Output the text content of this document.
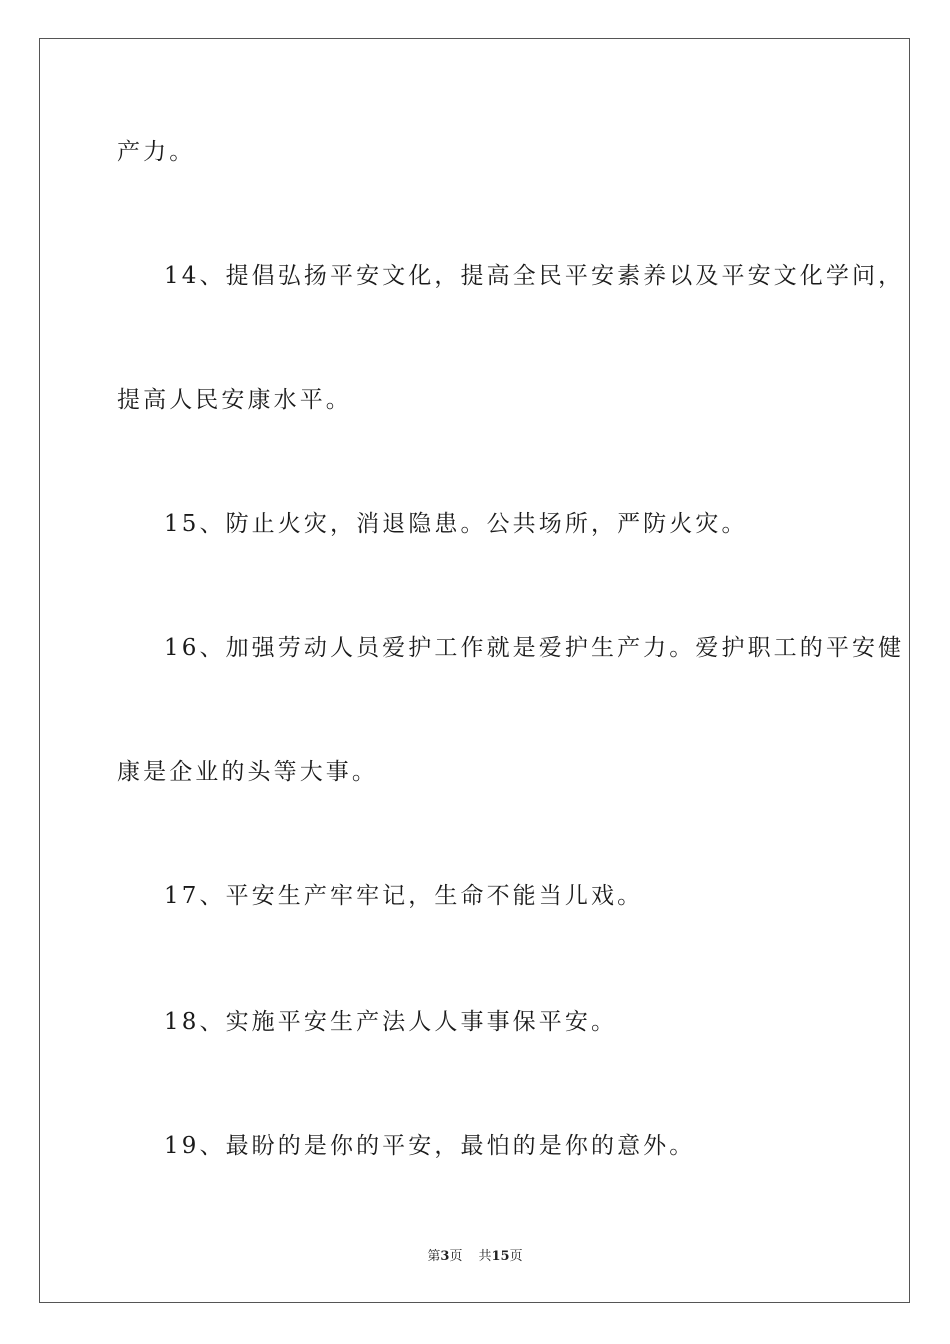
产力。
14、提倡弘扬平安文化，提高全民平安素养以及平安文化学问，
提高人民安康水平。
15、防止火灾，消退隐患。公共场所，严防火灾。
16、加强劳动人员爱护工作就是爱护生产力。爱护职工的平安健
康是企业的头等大事。
17、平安生产牢牢记，生命不能当儿戏。
18、实施平安生产法人人事事保平安。
19、最盼的是你的平安，最怕的是你的意外。
第3页 共15页
